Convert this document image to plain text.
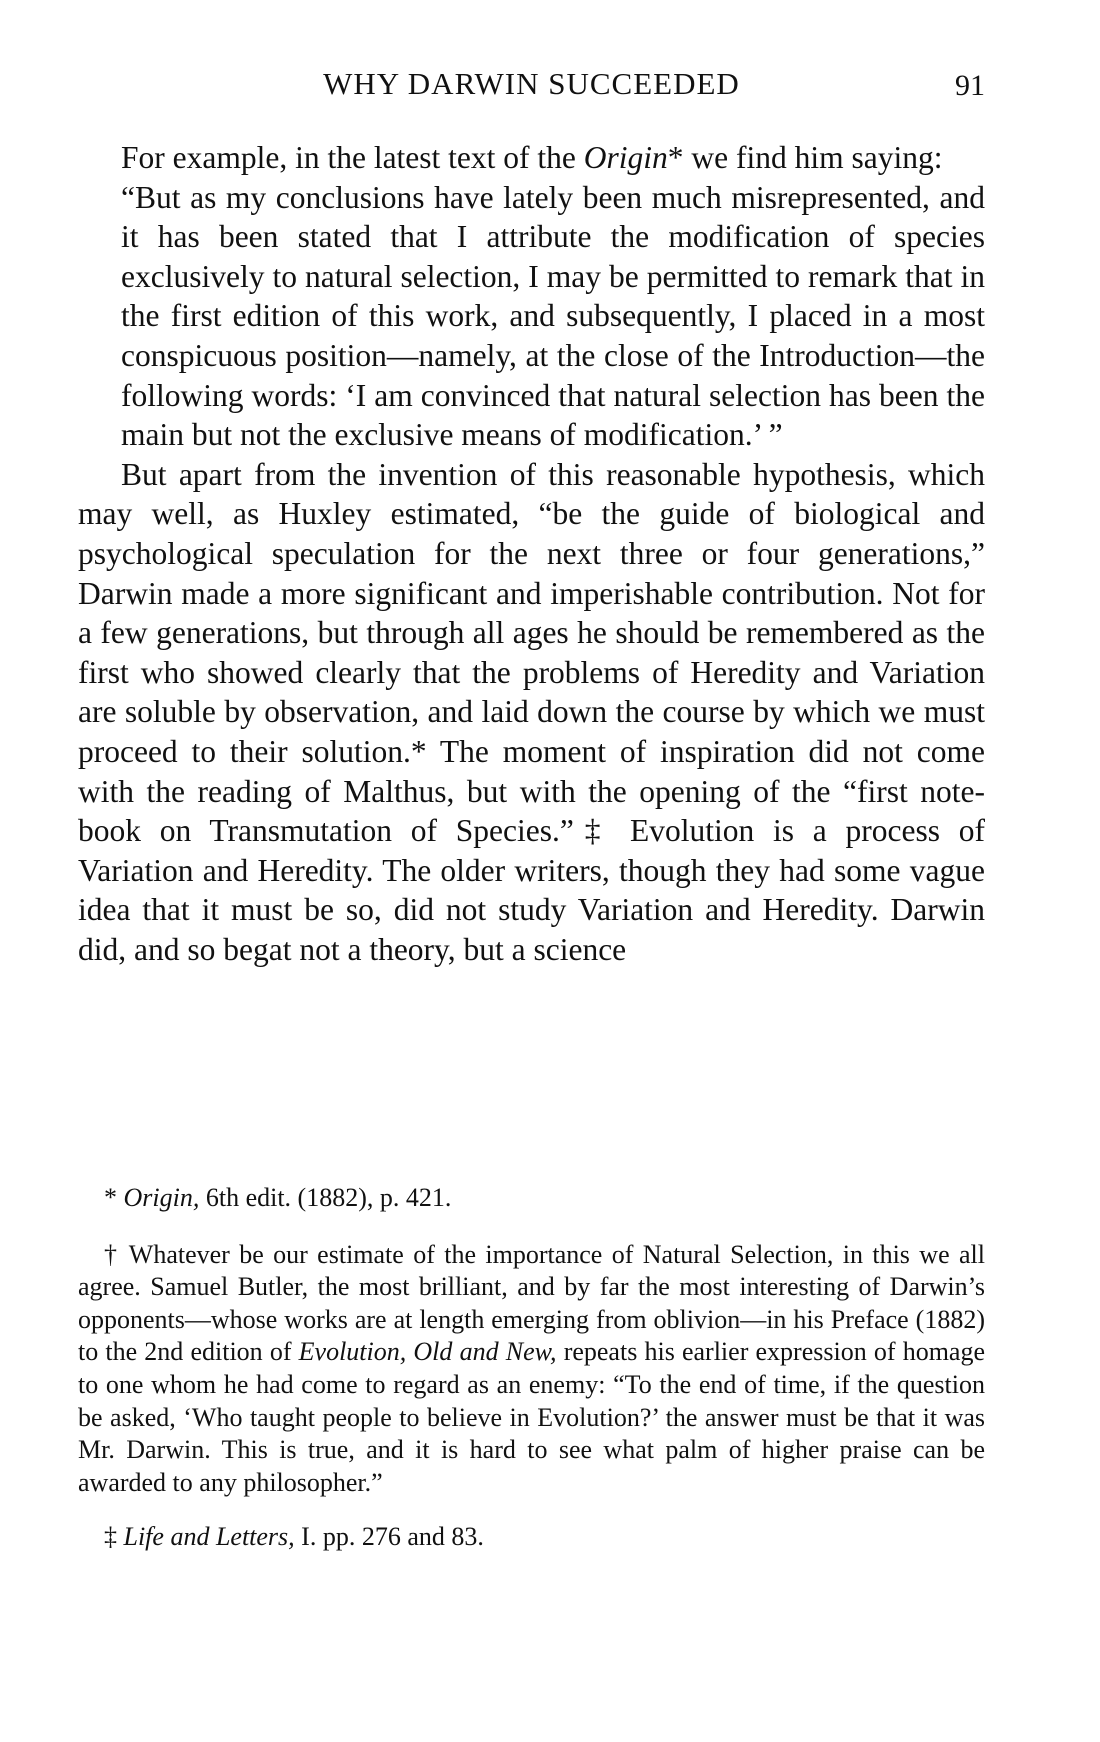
WHY DARWIN SUCCEEDED	91

For example, in the latest text of the Origin* we find him saying:

“But as my conclusions have lately been much misrepresented, and it has been stated that I attribute the modification of species exclusively to natural selection, I may be permitted to remark that in the first edition of this work, and subsequently, I placed in a most conspicuous position—namely, at the close of the Introduction—the following words: ‘I am convinced that natural selection has been the main but not the exclusive means of modification.’ ”

But apart from the invention of this reasonable hypothesis, which may well, as Huxley estimated, “be the guide of biological and psychological speculation for the next three or four generations,” Darwin made a more significant and imperishable contribution. Not for a few generations, but through all ages he should be remembered as the first who showed clearly that the problems of Heredity and Variation are soluble by observation, and laid down the course by which we must proceed to their solution.* The moment of inspiration did not come with the reading of Malthus, but with the opening of the “first note-book on Transmutation of Species.”‡ Evolution is a process of Variation and Heredity. The older writers, though they had some vague idea that it must be so, did not study Variation and Heredity. Darwin did, and so begat not a theory, but a science

* Origin, 6th edit. (1882), p. 421.

† Whatever be our estimate of the importance of Natural Selection, in this we all agree. Samuel Butler, the most brilliant, and by far the most interesting of Darwin’s opponents—whose works are at length emerging from oblivion—in his Preface (1882) to the 2nd edition of Evolution, Old and New, repeats his earlier expression of homage to one whom he had come to regard as an enemy: “To the end of time, if the question be asked, ‘Who taught people to believe in Evolution?’ the answer must be that it was Mr. Darwin. This is true, and it is hard to see what palm of higher praise can be awarded to any philosopher.”

‡ Life and Letters, I. pp. 276 and 83.
